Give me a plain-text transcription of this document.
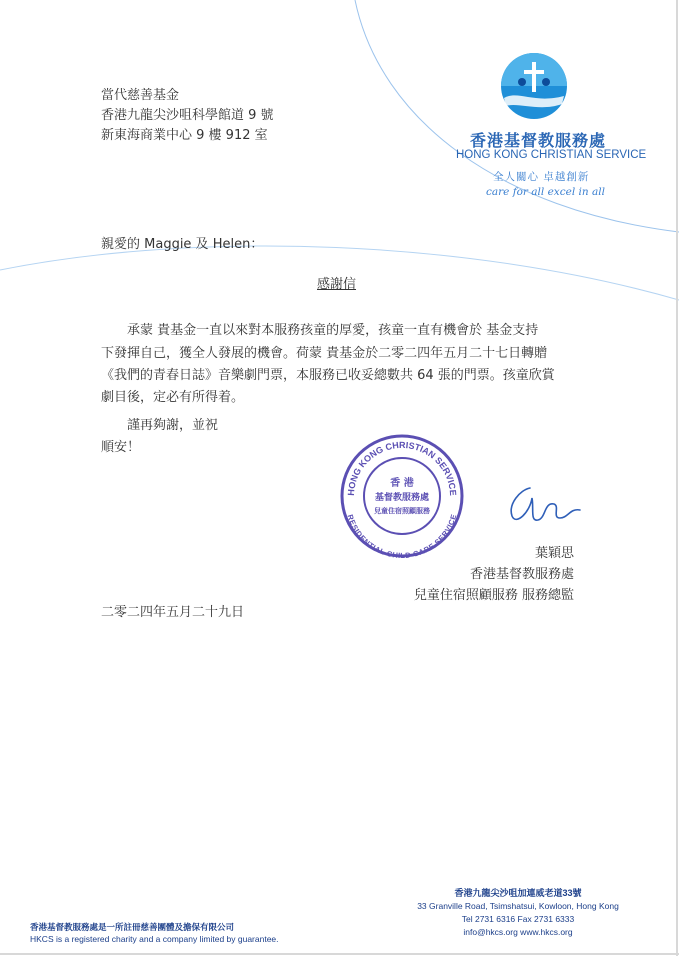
當代慈善基金
香港九龍尖沙咀科學館道 9 號
新東海商業中心 9 樓 912 室	香港基督教服務處
HONG KONG CHRISTIAN SERVICE
全人關心 卓越創新
care for all excel in all
親愛的 Maggie 及 Helen：
感謝信
承蒙 貴基金一直以來對本服務孩童的厚愛，孩童一直有機會於 基金支持
下發揮自己，獲全人發展的機會。荷蒙 貴基金於二零二四年五月二十七日轉贈
《我們的青春日誌》音樂劇門票，本服務已收妥總數共 64 張的門票。孩童欣賞
劇目後，定必有所得着。
謹再夠謝，並祝
順安！
HONG KONG CHRISTIAN SERVICE
RESIDENTIAL CHILD CARE SERVICE
香 港
基督教服務處
兒童住宿照顧服務
葉穎思
香港基督教服務處
兒童住宿照顧服務 服務總監
二零二四年五月二十九日
香港九龍尖沙咀加連威老道33號
33 Granville Road, Tsimshatsui, Kowloon, Hong Kong
Tel 2731 6316 Fax 2731 6333
info@hkcs.org www.hkcs.org
香港基督教服務處是一所註冊慈善團體及擔保有限公司
HKCS is a registered charity and a company limited by guarantee.
